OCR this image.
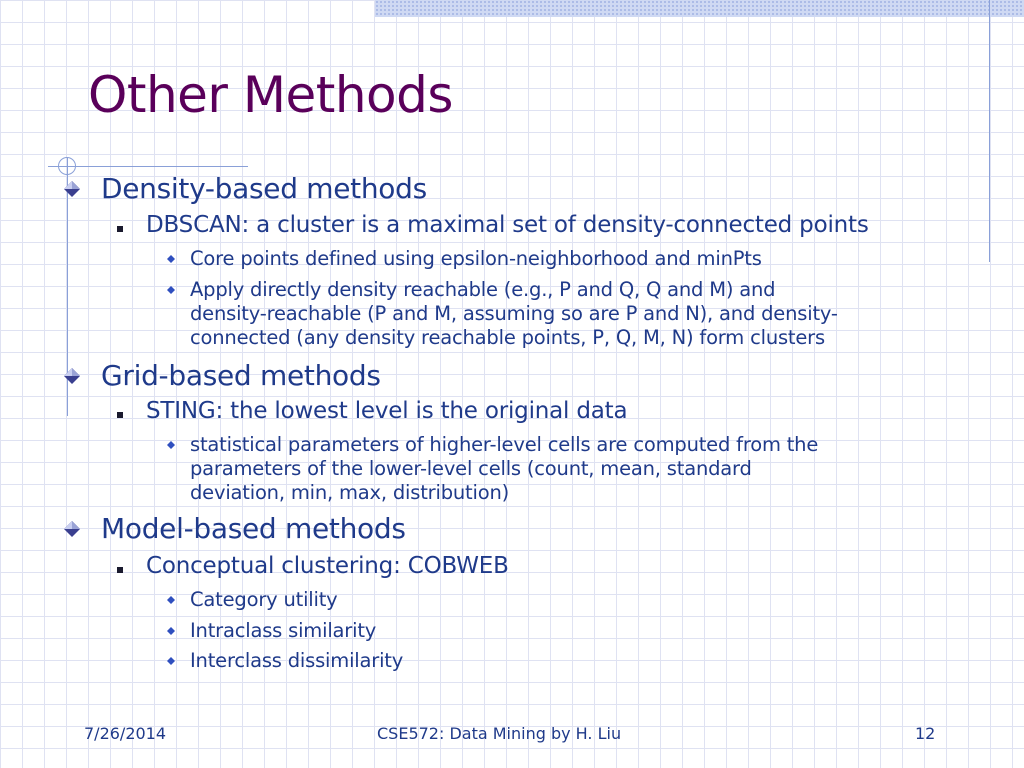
Other Methods
Density-based methods
DBSCAN: a cluster is a maximal set of density-connected points
Core points defined using epsilon-neighborhood and minPts
Apply directly density reachable (e.g., P and Q, Q and M) and
density-reachable (P and M, assuming so are P and N), and density-
connected (any density reachable points, P, Q, M, N) form clusters
Grid-based methods
STING: the lowest level is the original data
statistical parameters of higher-level cells are computed from the
parameters of the lower-level cells (count, mean, standard
deviation, min, max, distribution)
Model-based methods
Conceptual clustering: COBWEB
Category utility
Intraclass similarity
Interclass dissimilarity
7/26/2014	CSE572: Data Mining by H. Liu	12
